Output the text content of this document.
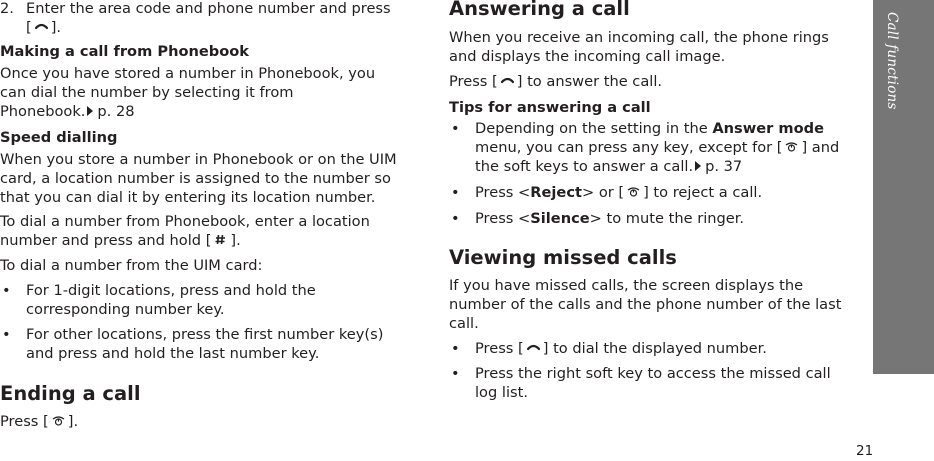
2. Enter the area code and phone number and press
[ ].
Making a call from Phonebook

Once you have stored a number in Phonebook, you
can dial the number by selecting it from
Phonebook. p. 28

Speed dialling

When you store a number in Phonebook or on the UIM
card, a location number is assigned to the number so
that you can dial it by entering its location number.

To dial a number from Phonebook, enter a location
number and press and hold [ ].

To dial a number from the UIM card:

• For 1-digit locations, press and hold the
corresponding number key.
• For other locations, press the first number key(s)
and press and hold the last number key.
Ending a call

Press [ ].

Answering a call

When you receive an incoming call, the phone rings
and displays the incoming call image.

Press [ ] to answer the call.

Tips for answering a call
• Depending on the setting in the Answer mode
menu, you can press any key, except for [ ] and
the soft keys to answer a call. p. 37
• Press <Reject> or [ ] to reject a call.
• Press <Silence> to mute the ringer.
Viewing missed calls

If you have missed calls, the screen displays the
number of the calls and the phone number of the last
call.

• Press [ ] to dial the displayed number.
• Press the right soft key to access the missed call
log list.
Call functions
21
